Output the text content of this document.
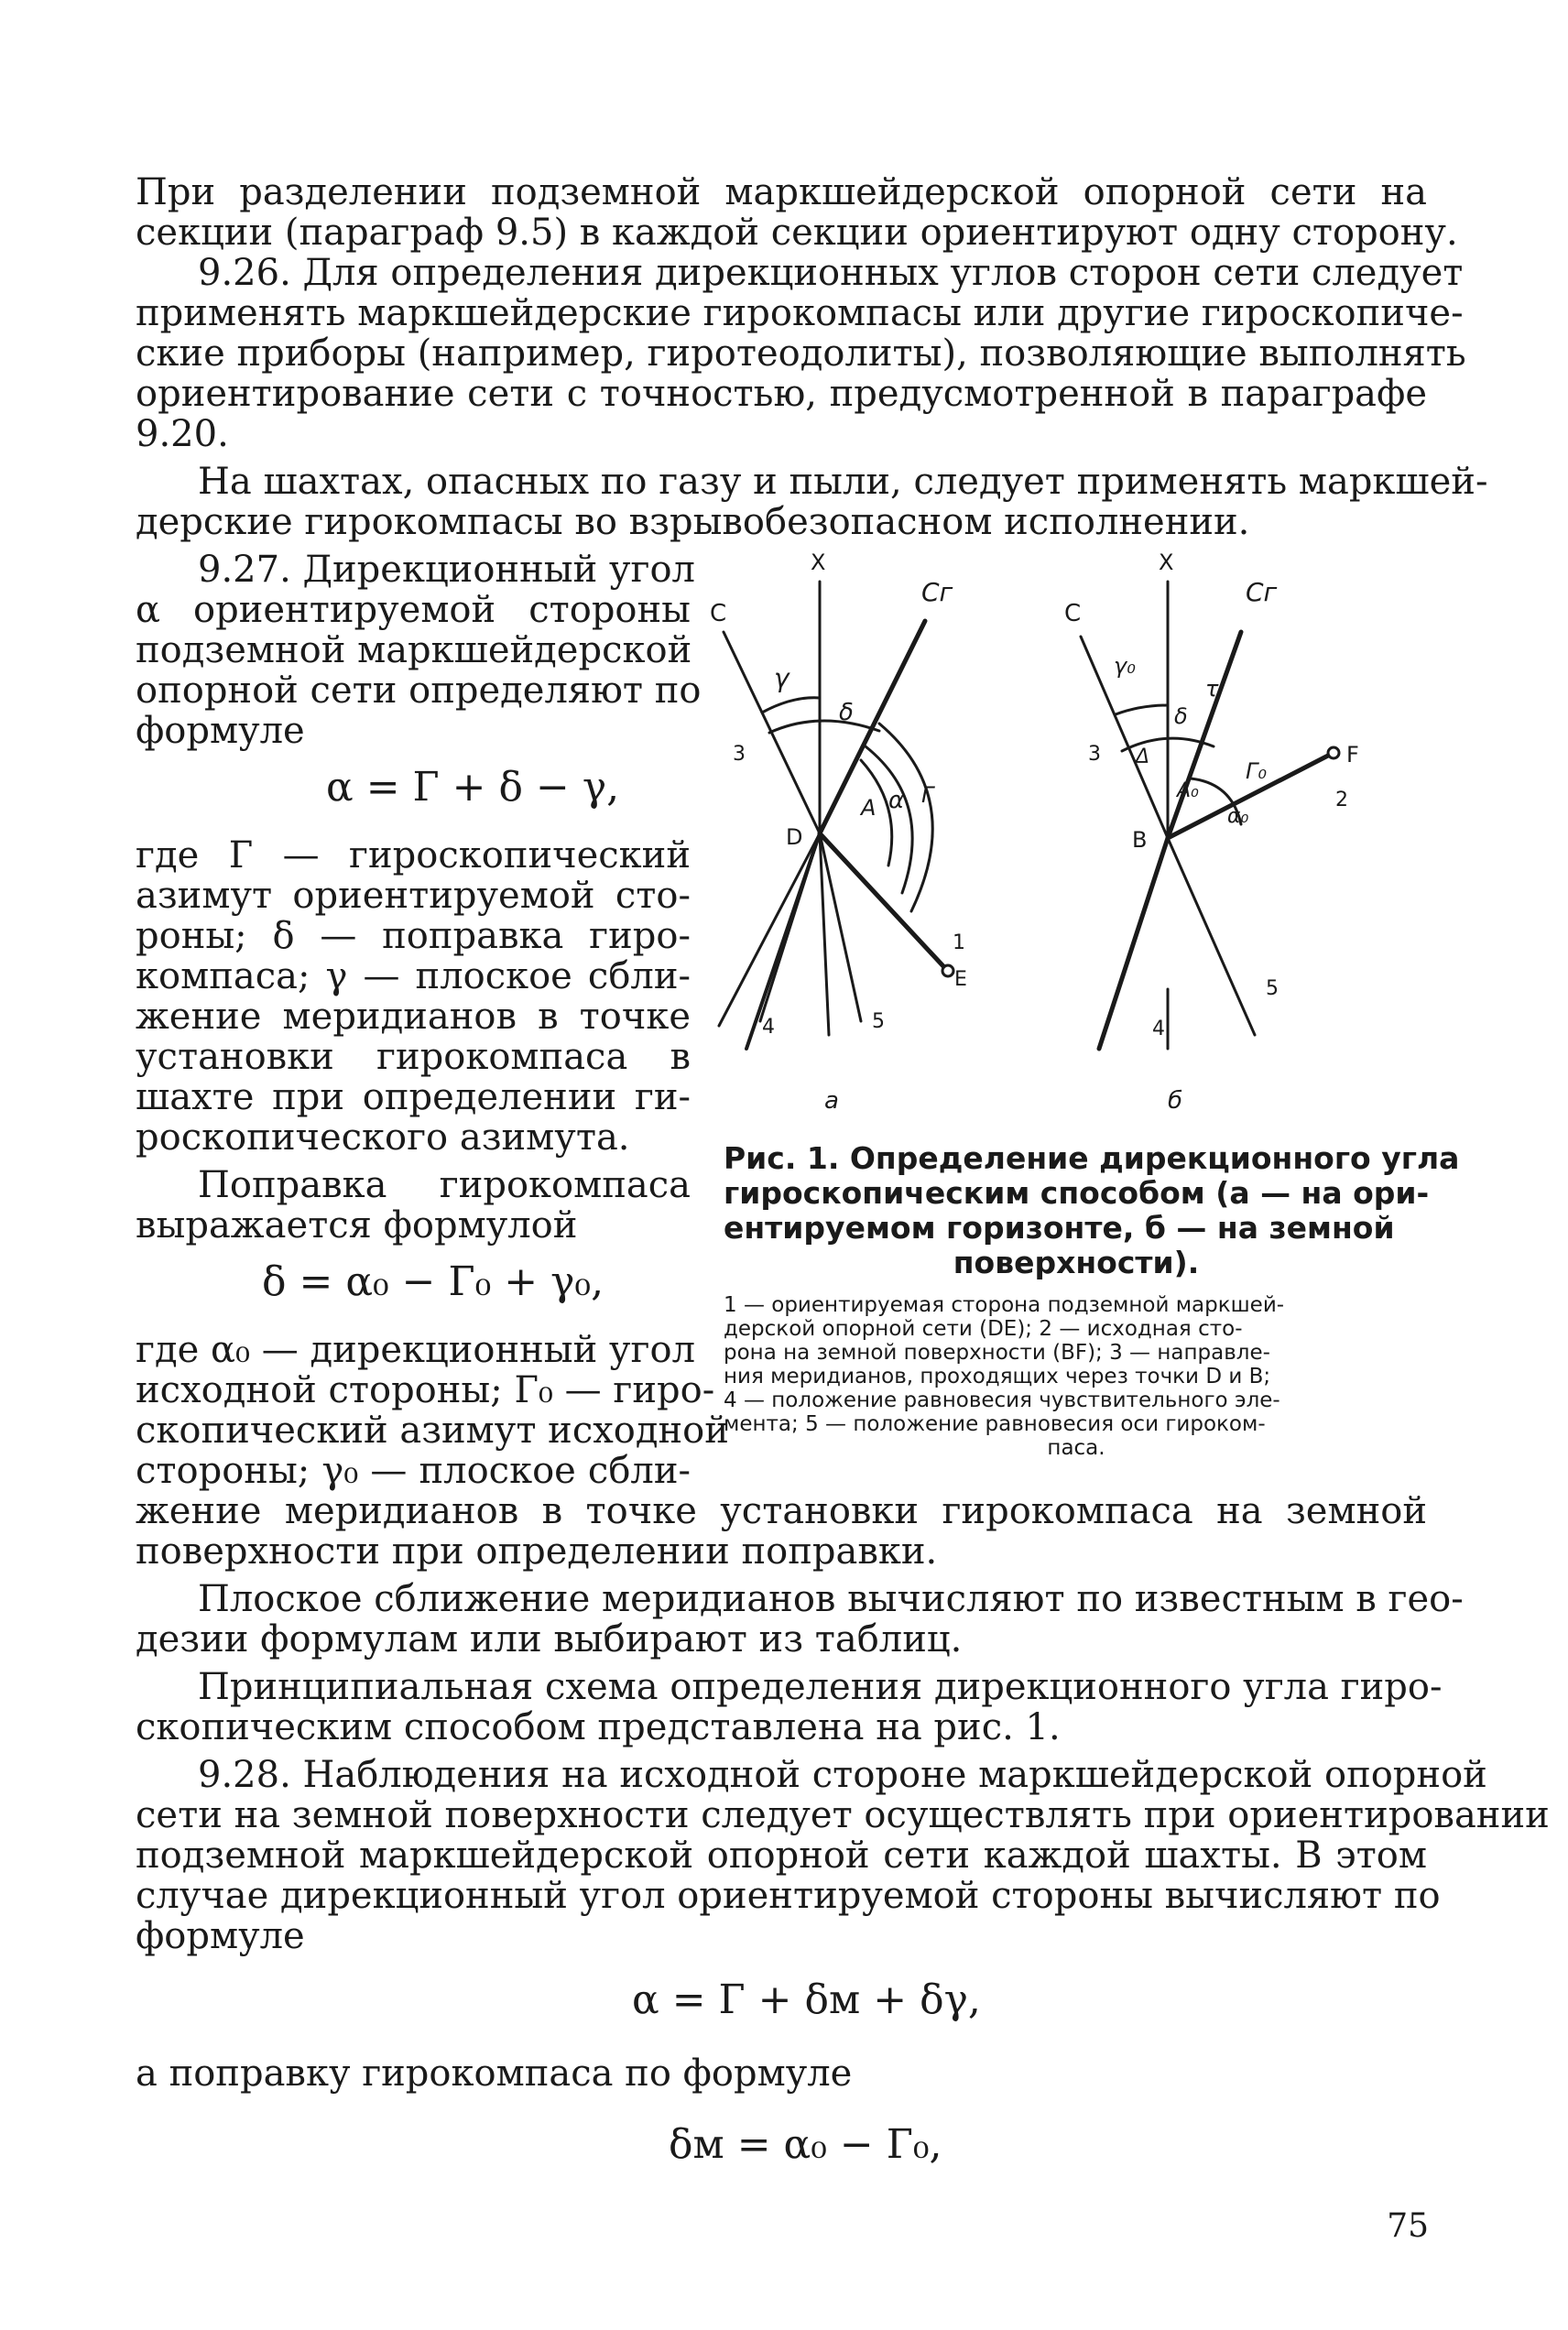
При разделении подземной маркшейдерской опорной сети на
секции (параграф 9.5) в каждой секции ориентируют одну сторону.
9.26. Для определения дирекционных углов сторон сети следует
применять маркшейдерские гирокомпасы или другие гироскопиче-
ские приборы (например, гиротеодолиты), позволяющие выполнять
ориентирование сети с точностью, предусмотренной в параграфе
9.20.
На шахтах, опасных по газу и пыли, следует применять маркшей-
дерские гирокомпасы во взрывобезопасном исполнении.
9.27. Дирекционный угол
α ориентируемой стороны
подземной маркшейдерской
опорной сети определяют по
формуле
α = Г + δ − γ,
где Г — гироскопический
азимут ориентируемой сто-
роны; δ — поправка гиро-
компаса; γ — плоское сбли-
жение меридианов в точке
установки гирокомпаса в
шахте при определении ги-
роскопического азимута.
Поправка гирокомпаса
выражается формулой
δ = α₀ − Г₀ + γ₀,
где α₀ — дирекционный угол
исходной стороны; Г₀ — гиро-
скопический азимут исходной
стороны; γ₀ — плоское сбли-
жение меридианов в точке установки гирокомпаса на земной
поверхности при определении поправки.
Плоское сближение меридианов вычисляют по известным в гео-
дезии формулам или выбирают из таблиц.
Принципиальная схема определения дирекционного угла гиро-
скопическим способом представлена на рис. 1.
9.28. Наблюдения на исходной стороне маркшейдерской опорной
сети на земной поверхности следует осуществлять при ориентировании
подземной маркшейдерской опорной сети каждой шахты. В этом
случае дирекционный угол ориентируемой стороны вычисляют по
формуле
α = Г + δм + δγ,
а поправку гирокомпаса по формуле
δм = α₀ − Г₀,
75
C
X
Cг
γ
δ
A α Г
D
E
1
3
4	5
а
C
X
Cг
γ₀
δ
τ
Δ
Г₀
A₀
α₀
B
F
2
3
4
5
б
Рис. 1. Определение дирекционного угла
гироскопическим способом (а — на ори-
ентируемом горизонте, б — на земной
поверхности).
1 — ориентируемая сторона подземной маркшей-
дерской опорной сети (DE); 2 — исходная сто-
рона на земной поверхности (BF); 3 — направле-
ния меридианов, проходящих через точки D и B;
4 — положение равновесия чувствительного эле-
мента; 5 — положение равновесия оси гироком-
паса.
